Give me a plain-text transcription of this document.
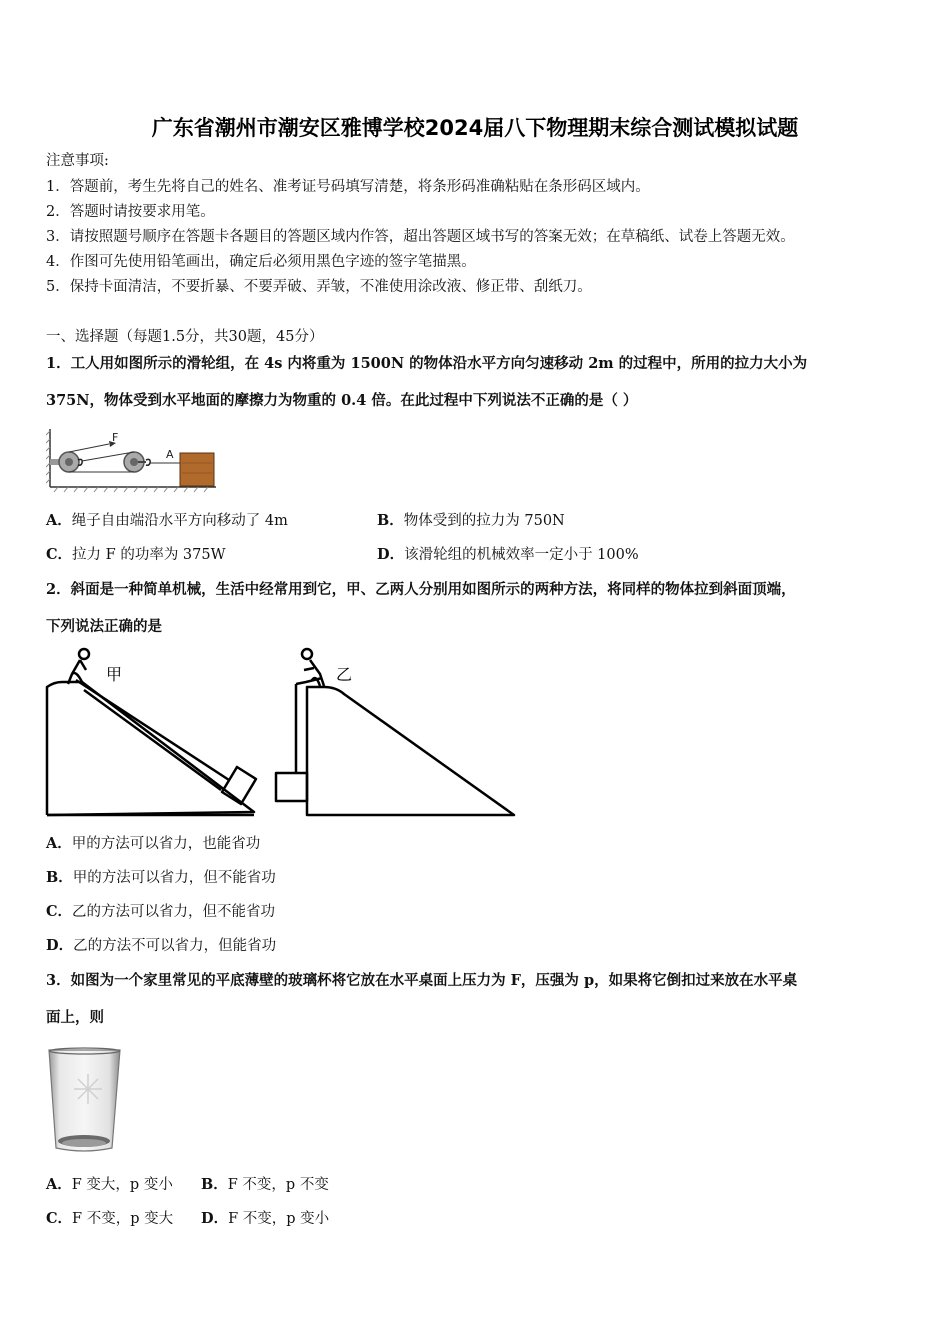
广东省潮州市潮安区雅博学校2024届八下物理期末综合测试模拟试题
注意事项:
1．答题前，考生先将自己的姓名、准考证号码填写清楚，将条形码准确粘贴在条形码区域内。
2．答题时请按要求用笔。
3．请按照题号顺序在答题卡各题目的答题区域内作答，超出答题区域书写的答案无效；在草稿纸、试卷上答题无效。
4．作图可先使用铅笔画出，确定后必须用黑色字迹的签字笔描黑。
5．保持卡面清洁，不要折暴、不要弄破、弄皱，不准使用涂改液、修正带、刮纸刀。
一、选择题（每题1.5分，共30题，45分）
1．工人用如图所示的滑轮组，在 4s 内将重为 1500N 的物体沿水平方向匀速移动 2m 的过程中，所用的拉力大小为
375N，物体受到水平地面的摩擦力为物重的 0.4 倍。在此过程中下列说法不正确的是（ ）
F
A
A．绳子自由端沿水平方向移动了 4m	B．物体受到的拉力为 750N
C．拉力 F 的功率为 375W	D．该滑轮组的机械效率一定小于 100%
2．斜面是一种简单机械，生活中经常用到它，甲、乙两人分别用如图所示的两种方法，将同样的物体拉到斜面顶端，
下列说法正确的是
甲	乙
A．甲的方法可以省力，也能省功
B．甲的方法可以省力，但不能省功
C．乙的方法可以省力，但不能省功
D．乙的方法不可以省力，但能省功
3．如图为一个家里常见的平底薄壁的玻璃杯将它放在水平桌面上压力为 F，压强为 p，如果将它倒扣过来放在水平桌
面上，则
A．F 变大，p 变小 B．F 不变，p 不变
C．F 不变，p 变大 D．F 不变，p 变小
